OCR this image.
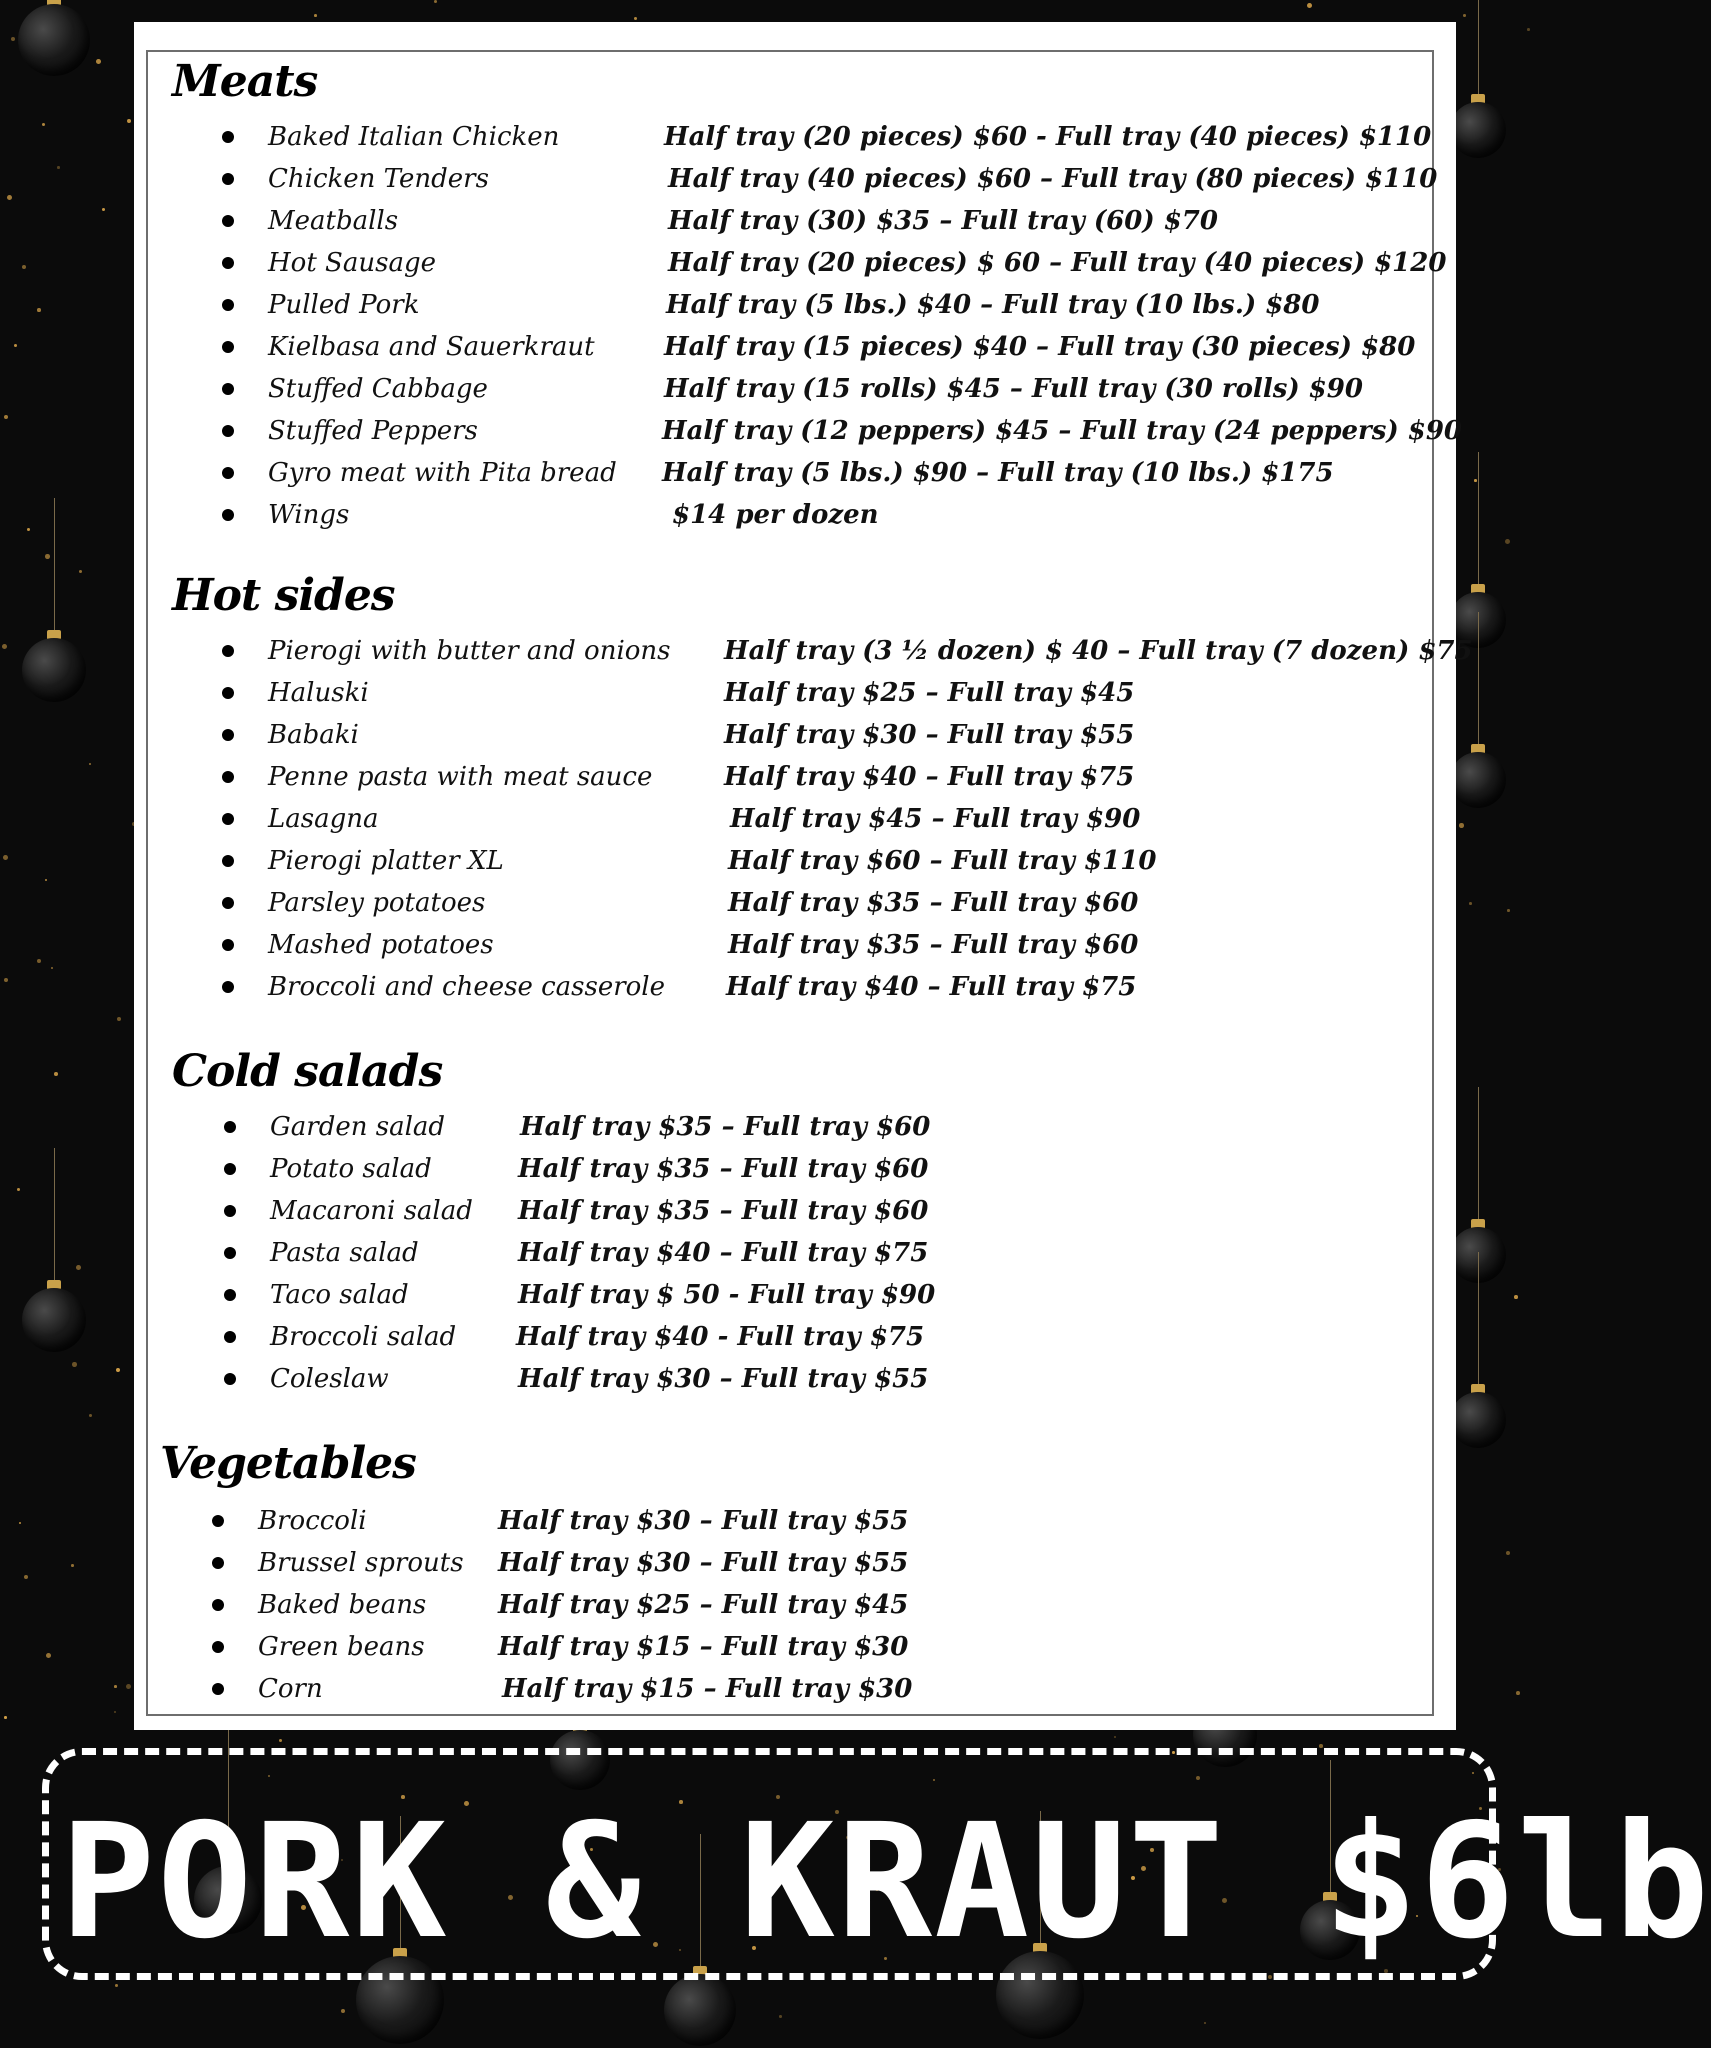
Meats
Baked Italian Chicken	Half tray (20 pieces) $60 - Full tray (40 pieces) $110
Chicken Tenders	Half tray (40 pieces) $60 – Full tray (80 pieces) $110
Meatballs	Half tray (30) $35 – Full tray (60) $70
Hot Sausage	Half tray (20 pieces) $ 60 – Full tray (40 pieces) $120
Pulled Pork	Half tray (5 lbs.) $40 – Full tray (10 lbs.) $80
Kielbasa and Sauerkraut	Half tray (15 pieces) $40 – Full tray (30 pieces) $80
Stuffed Cabbage	Half tray (15 rolls) $45 – Full tray (30 rolls) $90
Stuffed Peppers	Half tray (12 peppers) $45 – Full tray (24 peppers) $90
Gyro meat with Pita bread Half tray (5 lbs.) $90 – Full tray (10 lbs.) $175
Wings	$14 per dozen
Hot sides
Pierogi with butter and onions Half tray (3 ½ dozen) $ 40 – Full tray (7 dozen) $75
Haluski	Half tray $25 – Full tray $45
Babaki	Half tray $30 – Full tray $55
Penne pasta with meat sauce	Half tray $40 – Full tray $75
Lasagna	Half tray $45 – Full tray $90
Pierogi platter XL	Half tray $60 – Full tray $110
Parsley potatoes	Half tray $35 – Full tray $60
Mashed potatoes	Half tray $35 – Full tray $60
Broccoli and cheese casserole Half tray $40 – Full tray $75
Cold salads
Garden salad	Half tray $35 – Full tray $60
Potato salad	Half tray $35 – Full tray $60
Macaroni salad Half tray $35 – Full tray $60
Pasta salad	Half tray $40 – Full tray $75
Taco salad	Half tray $ 50 - Full tray $90
Broccoli salad Half tray $40 - Full tray $75
Coleslaw	Half tray $30 – Full tray $55
Vegetables
Broccoli	Half tray $30 – Full tray $55
Brussel sprouts Half tray $30 – Full tray $55
Baked beans	Half tray $25 – Full tray $45
Green beans	Half tray $15 – Full tray $30
Corn	Half tray $15 – Full tray $30
PORK & KRAUT $6lb
